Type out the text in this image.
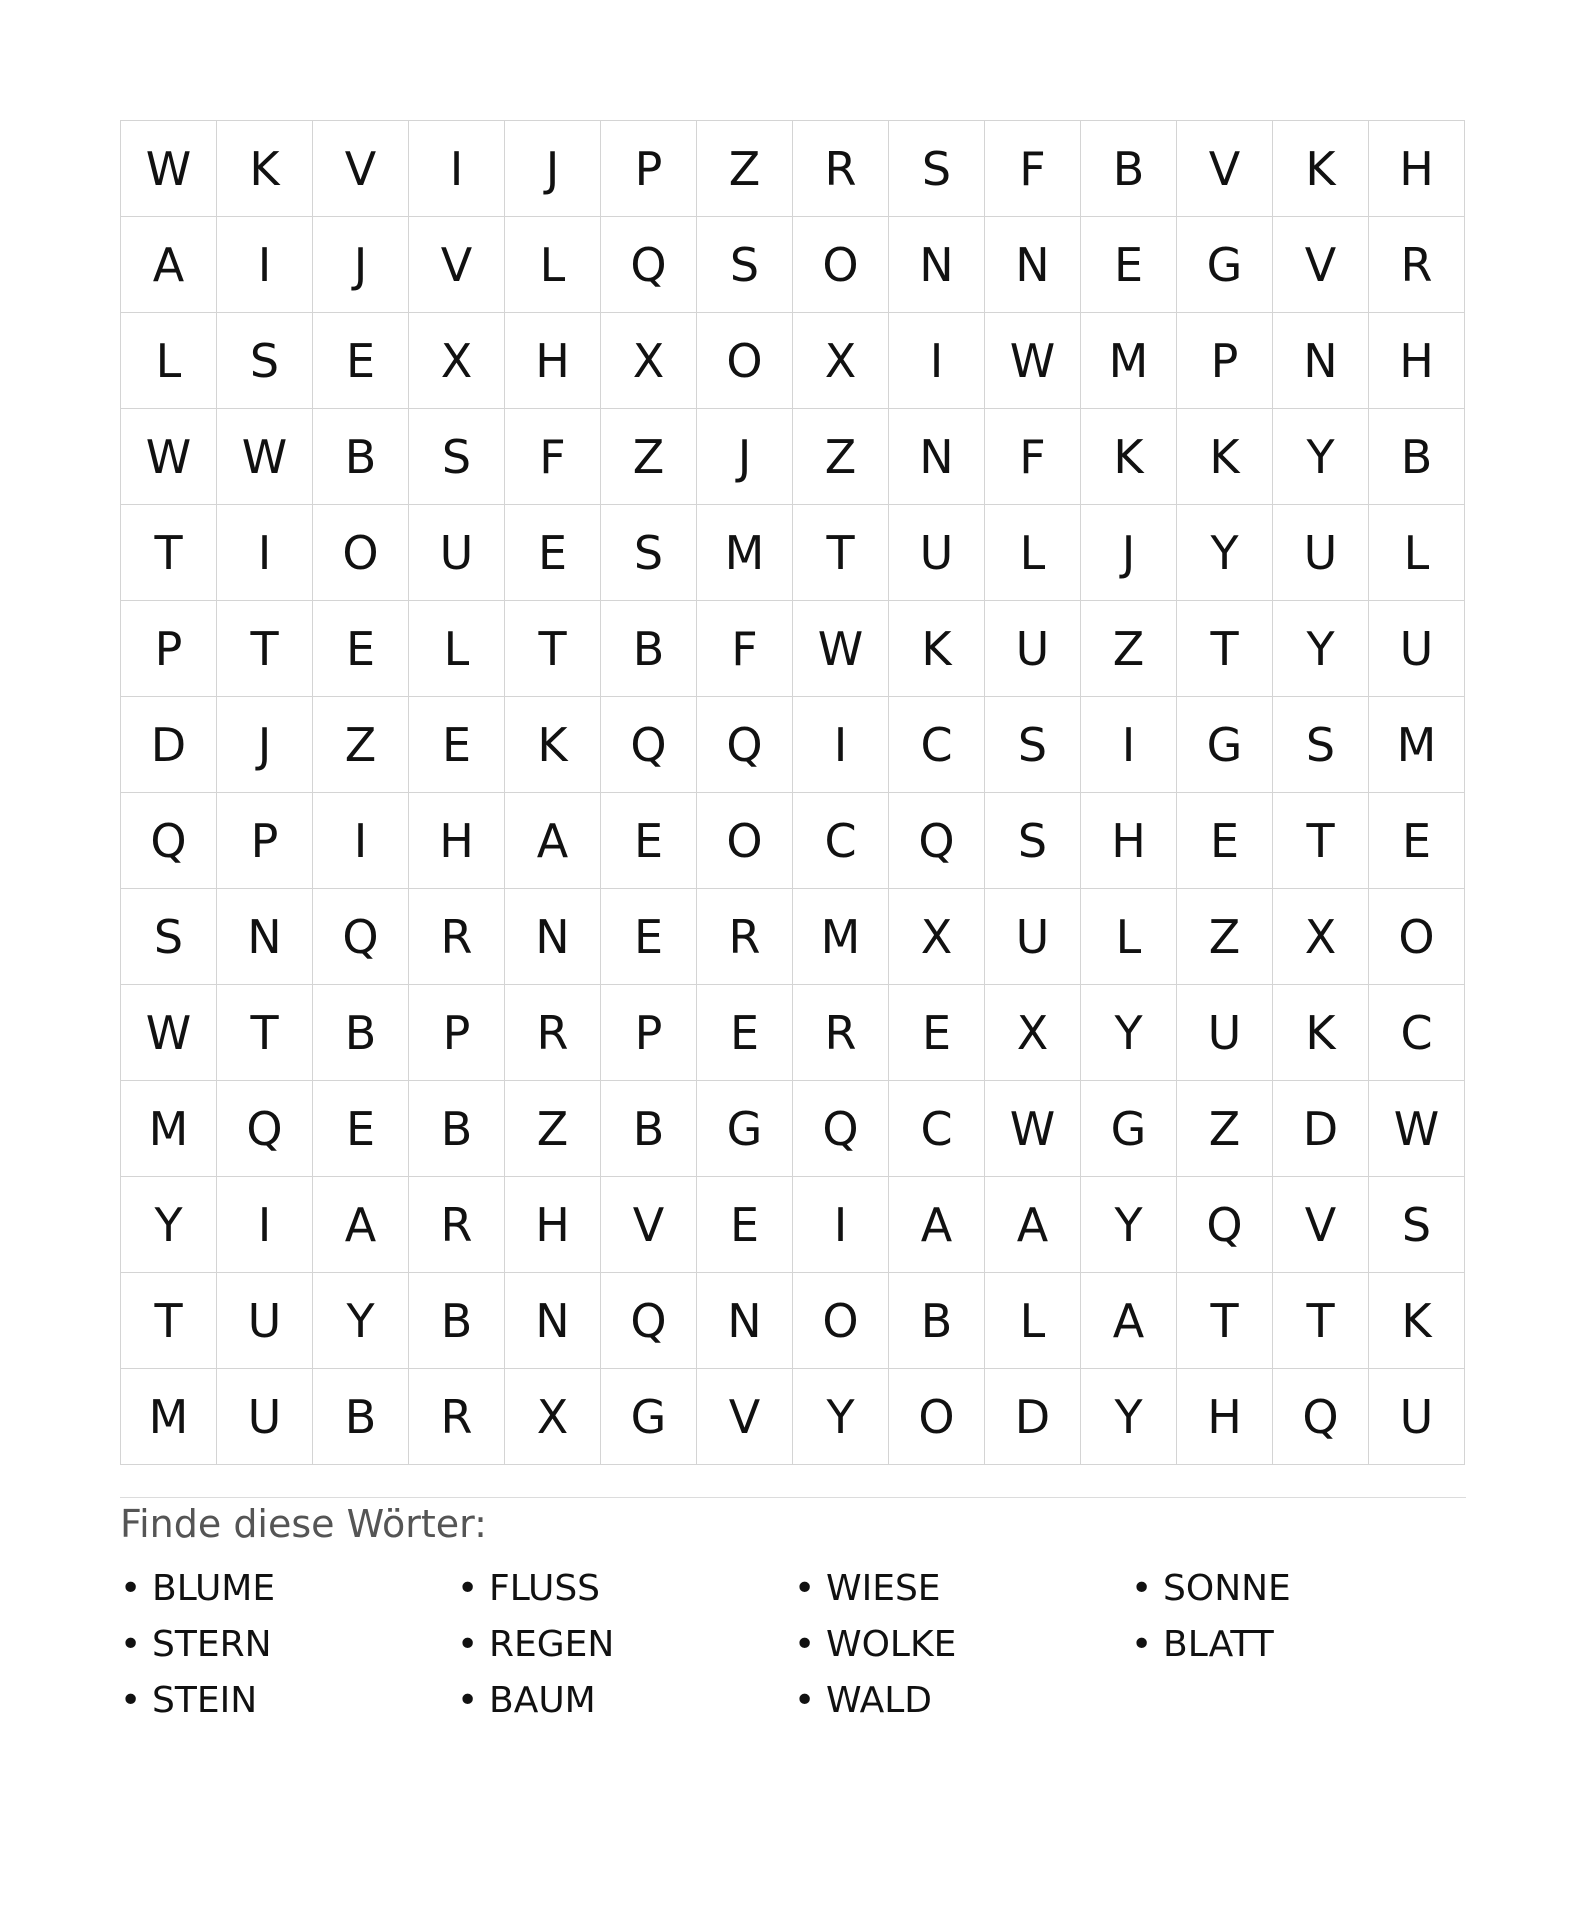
W	K	V	I	J	P	Z	R	S	F	B	V	K	H
A	I	J	V	L	Q	S	O	N	N	E	G	V	R
L	S	E	X	H	X	O	X	I	W	M	P	N	H
W	W	B	S	F	Z	J	Z	N	F	K	K	Y	B
T	I	O	U	E	S	M	T	U	L	J	Y	U	L
P	T	E	L	T	B	F	W	K	U	Z	T	Y	U
D	J	Z	E	K	Q	Q	I	C	S	I	G	S	M
Q	P	I	H	A	E	O	C	Q	S	H	E	T	E
S	N	Q	R	N	E	R	M	X	U	L	Z	X	O
W	T	B	P	R	P	E	R	E	X	Y	U	K	C
M	Q	E	B	Z	B	G	Q	C	W	G	Z	D	W
Y	I	A	R	H	V	E	I	A	A	Y	Q	V	S
T	U	Y	B	N	Q	N	O	B	L	A	T	T	K
M	U	B	R	X	G	V	Y	O	D	Y	H	Q	U
Finde diese Wörter:
• BLUME	• FLUSS	• WIESE	• SONNE
• STERN	• REGEN	• WOLKE	• BLATT
• STEIN	• BAUM	• WALD
